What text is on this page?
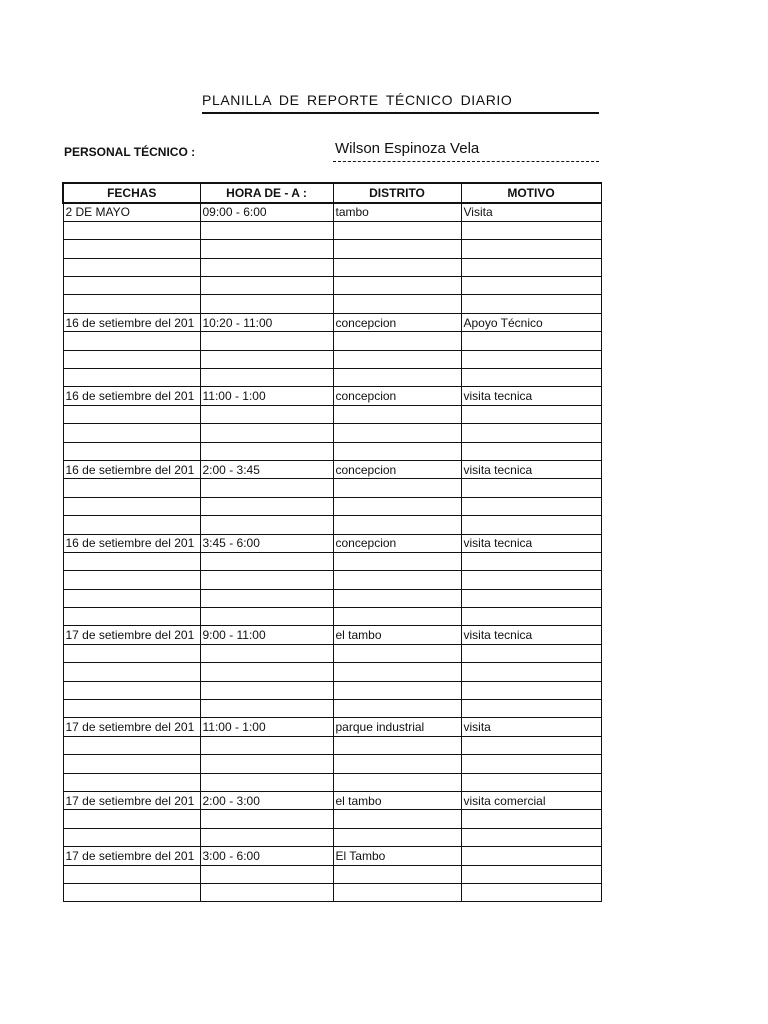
PLANILLA DE REPORTE TÉCNICO DIARIO
PERSONAL TÉCNICO :	Wilson Espinoza Vela
FECHAS	HORA DE - A :	DISTRITO	MOTIVO
2 DE MAYO	09:00 - 6:00	tambo	Visita

16 de setiembre del 201	10:20 - 11:00	concepcion	Apoyo Técnico

16 de setiembre del 201	11:00 - 1:00	concepcion	visita tecnica

16 de setiembre del 201	2:00 - 3:45	concepcion	visita tecnica

16 de setiembre del 201	3:45 - 6:00	concepcion	visita tecnica

17 de setiembre del 201	9:00 - 11:00	el tambo	visita tecnica

17 de setiembre del 201	11:00 - 1:00	parque industrial	visita

17 de setiembre del 201	2:00 - 3:00	el tambo	visita comercial

17 de setiembre del 201	3:00 - 6:00	El Tambo	
